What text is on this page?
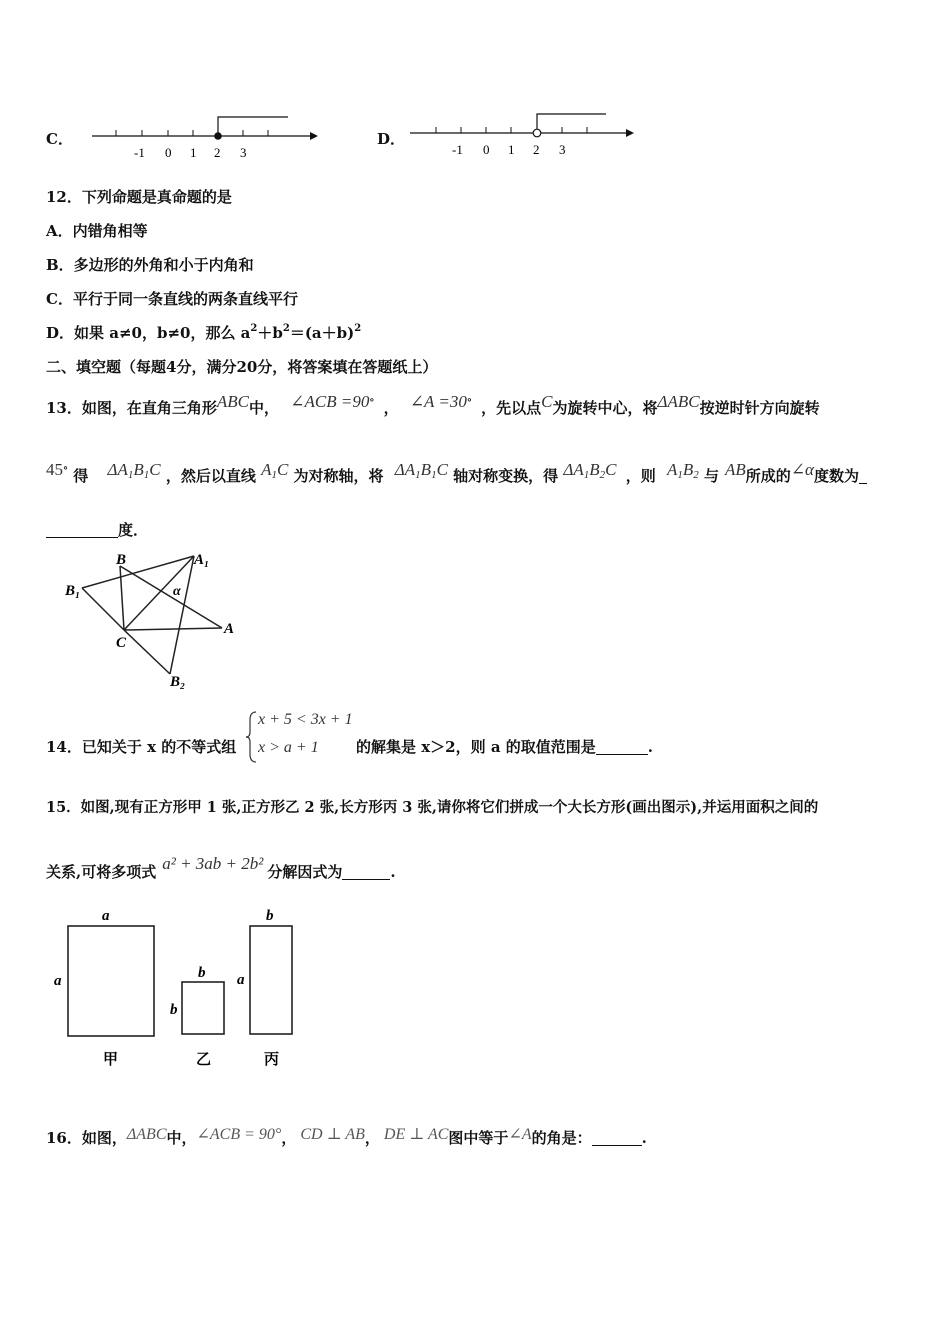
C．
-1 0 1 2 3
D．
-1 0 1 2 3
12．下列命题是真命题的是
A．内错角相等
B．多边形的外角和小于内角和
C．平行于同一条直线的两条直线平行
D．如果 a≠0，b≠0，那么 $a^2+b^2=(a+b)^2$
二、填空题（每题4分，满分20分，将答案填在答题纸上）
13．如图，在直角三角形ABC中， ∠ACB =90° ， ∠A =30° ，先以点C为旋转中心，将ΔABC按逆时针方向旋转
45° 得 $\Delta A_1B_1C$ ，然后以直线 $A_1C$ 为对称轴，将 $\Delta A_1B_1C$ 轴对称变换，得 $\Delta A_1B_2C$ ，则 $A_1B_2$ 与 AB所成的∠α度数为
度．
B	A₁
B₁	α
C
A
B₂
14．已知关于 x 的不等式组
x + 5 < 3x + 1
x > a + 1 的解集是 x＞2，则 a 的取值范围是	.
15．如图,现有正方形甲 1 张,正方形乙 2 张,长方形丙 3 张,请你将它们拼成一个大长方形(画出图示),并运用面积之间的
关系,可将多项式 a² + 3ab + 2b² 分解因式为	.
a
a
甲
b
b
乙
b
a
丙
16．如图，ΔABC中，∠ACB = 90°， CD ⊥ AB， DE ⊥ AC图中等于∠A的角是：	.
